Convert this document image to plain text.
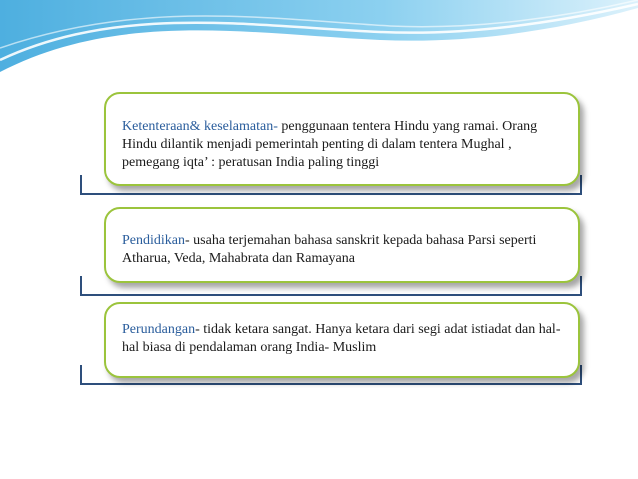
Ketenteraan& keselamatan- penggunaan tentera Hindu yang ramai. Orang Hindu dilantik menjadi pemerintah penting di dalam tentera Mughal , pemegang iqta’ : peratusan India paling tinggi

Pendidikan- usaha terjemahan bahasa sanskrit kepada bahasa Parsi seperti Atharua, Veda, Mahabrata dan Ramayana

Perundangan- tidak ketara sangat. Hanya ketara dari segi adat istiadat dan hal-hal biasa di pendalaman orang India- Muslim
